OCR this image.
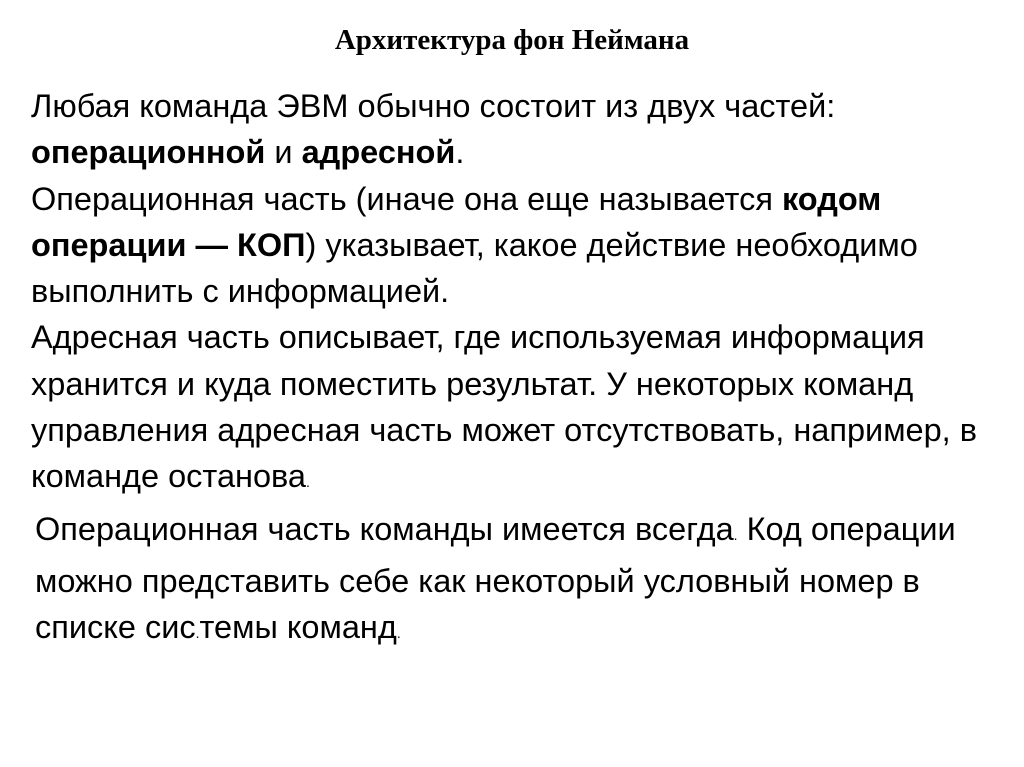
Архитектура фон Неймана
Любая команда ЭВМ обычно состоит из двух частей: операционной и адресной.
Операционная часть (иначе она еще называется кодом операции — КОП) указывает, какое действие необходимо выполнить с информацией.
Адресная часть описывает, где используемая информация хранится и куда поместить результат. У некоторых команд управления адресная часть может отсутствовать, например, в команде останова.
Операционная часть команды имеется всегда. Код операции можно представить себе как некоторый условный номер в списке сис.темы команд.
